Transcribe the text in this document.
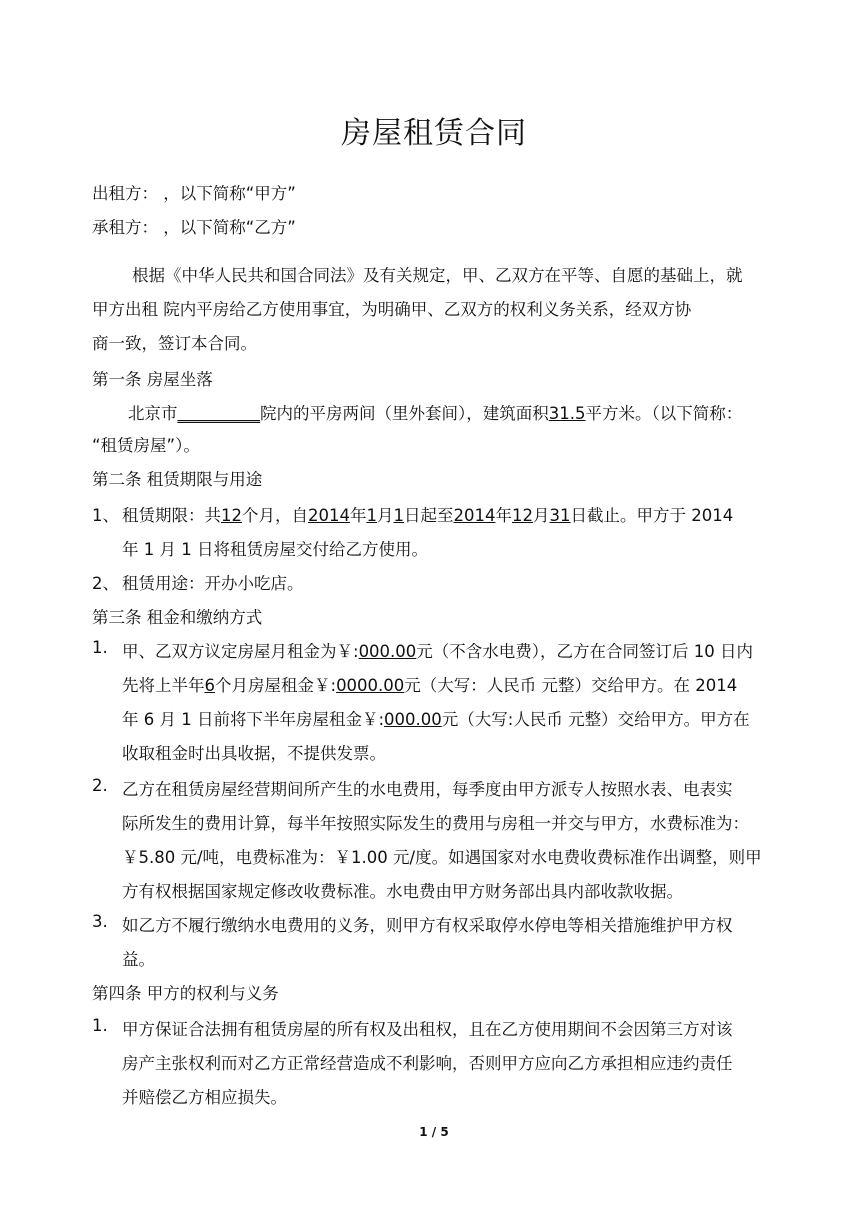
房屋租赁合同
出租方： ，以下简称“甲方”
承租方： ，以下简称“乙方”
根据《中华人民共和国合同法》及有关规定，甲、乙双方在平等、自愿的基础上，就
甲方出租 院内平房给乙方使用事宜，为明确甲、乙双方的权利义务关系，经双方协
商一致，签订本合同。
第一条 房屋坐落
北京市__________院内的平房两间（里外套间），建筑面积31.5平方米。（以下简称：
“租赁房屋”）。
第二条 租赁期限与用途
1、 租赁期限：共12个月，自2014年1月1日起至2014年12月31日截止。甲方于 2014
年 1 月 1 日将租赁房屋交付给乙方使用。
2、 租赁用途：开办小吃店。
第三条 租金和缴纳方式
1. 甲、乙双方议定房屋月租金为￥:000.00元（不含水电费），乙方在合同签订后 10 日内
先将上半年6个月房屋租金￥:0000.00元（大写：人民币 元整）交给甲方。在 2014
年 6 月 1 日前将下半年房屋租金￥:000.00元（大写:人民币 元整）交给甲方。甲方在
收取租金时出具收据，不提供发票。
2. 乙方在租赁房屋经营期间所产生的水电费用，每季度由甲方派专人按照水表、电表实
际所发生的费用计算，每半年按照实际发生的费用与房租一并交与甲方，水费标准为：
￥5.80 元/吨，电费标准为：￥1.00 元/度。如遇国家对水电费收费标准作出调整，则甲
方有权根据国家规定修改收费标准。水电费由甲方财务部出具内部收款收据。
3. 如乙方不履行缴纳水电费用的义务，则甲方有权采取停水停电等相关措施维护甲方权
益。
第四条 甲方的权利与义务
1. 甲方保证合法拥有租赁房屋的所有权及出租权，且在乙方使用期间不会因第三方对该
房产主张权利而对乙方正常经营造成不利影响，否则甲方应向乙方承担相应违约责任
并赔偿乙方相应损失。
1 / 5
